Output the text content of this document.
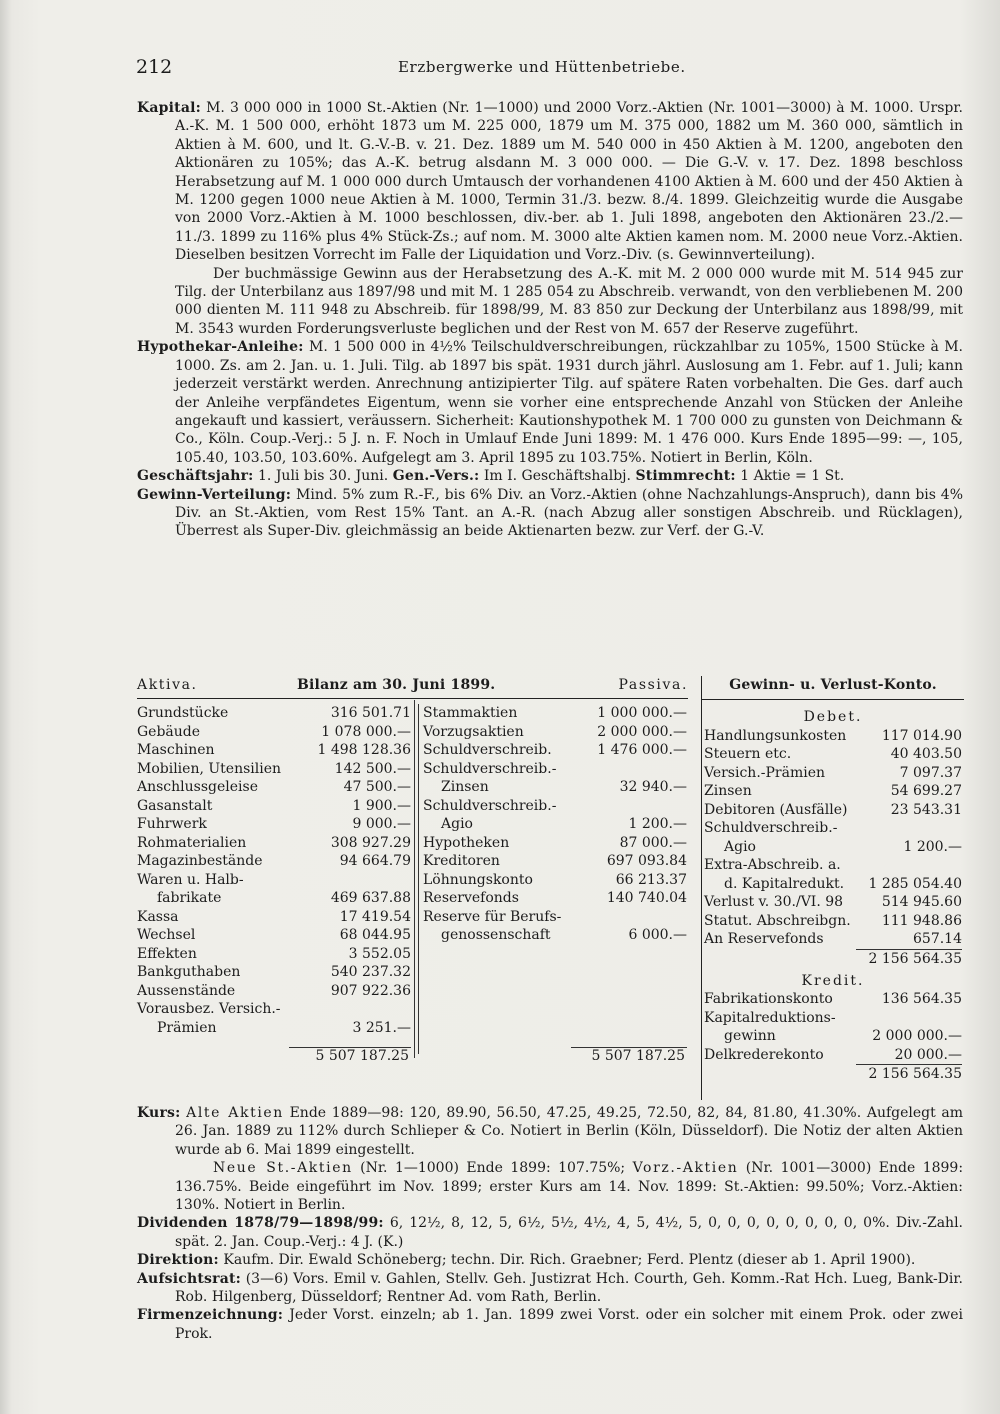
212	Erzbergwerke und Hüttenbetriebe.

Kapital: M. 3 000 000 in 1000 St.-Aktien (Nr. 1—1000) und 2000 Vorz.-Aktien (Nr. 1001—3000) à M. 1000. Urspr. A.-K. M. 1 500 000, erhöht 1873 um M. 225 000, 1879 um M. 375 000, 1882 um M. 360 000, sämtlich in Aktien à M. 600, und lt. G.-V.-B. v. 21. Dez. 1889 um M. 540 000 in 450 Aktien à M. 1200, angeboten den Aktionären zu 105%; das A.-K. betrug alsdann M. 3 000 000. — Die G.-V. v. 17. Dez. 1898 beschloss Herabsetzung auf M. 1 000 000 durch Umtausch der vorhandenen 4100 Aktien à M. 600 und der 450 Aktien à M. 1200 gegen 1000 neue Aktien à M. 1000, Termin 31./3. bezw. 8./4. 1899. Gleichzeitig wurde die Ausgabe von 2000 Vorz.-Aktien à M. 1000 beschlossen, div.-ber. ab 1. Juli 1898, angeboten den Aktionären 23./2.—11./3. 1899 zu 116% plus 4% Stück-Zs.; auf nom. M. 3000 alte Aktien kamen nom. M. 2000 neue Vorz.-Aktien. Dieselben besitzen Vorrecht im Falle der Liquidation und Vorz.-Div. (s. Gewinnverteilung).

Der buchmässige Gewinn aus der Herabsetzung des A.-K. mit M. 2 000 000 wurde mit M. 514 945 zur Tilg. der Unterbilanz aus 1897/98 und mit M. 1 285 054 zu Abschreib. verwandt, von den verbliebenen M. 200 000 dienten M. 111 948 zu Abschreib. für 1898/99, M. 83 850 zur Deckung der Unterbilanz aus 1898/99, mit M. 3543 wurden Forderungsverluste beglichen und der Rest von M. 657 der Reserve zugeführt.

Hypothekar-Anleihe: M. 1 500 000 in 4½% Teilschuldverschreibungen, rückzahlbar zu 105%, 1500 Stücke à M. 1000. Zs. am 2. Jan. u. 1. Juli. Tilg. ab 1897 bis spät. 1931 durch jährl. Auslosung am 1. Febr. auf 1. Juli; kann jederzeit verstärkt werden. Anrechnung antizipierter Tilg. auf spätere Raten vorbehalten. Die Ges. darf auch der Anleihe verpfändetes Eigentum, wenn sie vorher eine entsprechende Anzahl von Stücken der Anleihe angekauft und kassiert, veräussern. Sicherheit: Kautionshypothek M. 1 700 000 zu gunsten von Deichmann & Co., Köln. Coup.-Verj.: 5 J. n. F. Noch in Umlauf Ende Juni 1899: M. 1 476 000. Kurs Ende 1895—99: —, 105, 105.40, 103.50, 103.60%. Aufgelegt am 3. April 1895 zu 103.75%. Notiert in Berlin, Köln.

Geschäftsjahr: 1. Juli bis 30. Juni. Gen.-Vers.: Im I. Geschäftshalbj. Stimmrecht: 1 Aktie = 1 St.

Gewinn-Verteilung: Mind. 5% zum R.-F., bis 6% Div. an Vorz.-Aktien (ohne Nachzahlungs-Anspruch), dann bis 4% Div. an St.-Aktien, vom Rest 15% Tant. an A.-R. (nach Abzug aller sonstigen Abschreib. und Rücklagen), Überrest als Super-Div. gleichmässig an beide Aktienarten bezw. zur Verf. der G.-V.

Aktiva.	Bilanz am 30. Juni 1899.	Passiva.
Grundstücke	316 501.71
Gebäude	1 078 000.—
Maschinen	1 498 128.36
Mobilien, Utensilien	142 500.—
Anschlussgeleise	47 500.—
Gasanstalt	1 900.—
Fuhrwerk	9 000.—
Rohmaterialien	308 927.29
Magazinbestände	94 664.79
Waren u. Halb-
fabrikate	469 637.88
Kassa	17 419.54
Wechsel	68 044.95
Effekten	3 552.05
Bankguthaben	540 237.32
Aussenstände	907 922.36
Vorausbez. Versich.-
Prämien	3 251.—
Stammaktien	1 000 000.—
Vorzugsaktien	2 000 000.—
Schuldverschreib.	1 476 000.—
Schuldverschreib.-
Zinsen	32 940.—
Schuldverschreib.-
Agio	1 200.—
Hypotheken	87 000.—
Kreditoren	697 093.84
Löhnungskonto	66 213.37
Reservefonds	140 740.04
Reserve für Berufs-
genossenschaft	6 000.—
5 507 187.25	5 507 187.25
Gewinn- u. Verlust-Konto.
Debet.
Handlungsunkosten	117 014.90
Steuern etc.	40 403.50
Versich.-Prämien	7 097.37
Zinsen	54 699.27
Debitoren (Ausfälle)	23 543.31
Schuldverschreib.-
Agio	1 200.—
Extra-Abschreib. a.
d. Kapitalredukt. 1 285 054.40
Verlust v. 30./VI. 98	514 945.60
Statut. Abschreibgn. 111 948.86
An Reservefonds	657.14
2 156 564.35
Kredit.
Fabrikationskonto	136 564.35
Kapitalreduktions-
gewinn	2 000 000.—
Delkrederekonto	20 000.—
2 156 564.35

Kurs: Alte Aktien Ende 1889—98: 120, 89.90, 56.50, 47.25, 49.25, 72.50, 82, 84, 81.80, 41.30%. Aufgelegt am 26. Jan. 1889 zu 112% durch Schlieper & Co. Notiert in Berlin (Köln, Düsseldorf). Die Notiz der alten Aktien wurde ab 6. Mai 1899 eingestellt.

Neue St.-Aktien (Nr. 1—1000) Ende 1899: 107.75%; Vorz.-Aktien (Nr. 1001—3000) Ende 1899: 136.75%. Beide eingeführt im Nov. 1899; erster Kurs am 14. Nov. 1899: St.-Aktien: 99.50%; Vorz.-Aktien: 130%. Notiert in Berlin.

Dividenden 1878/79—1898/99: 6, 12½, 8, 12, 5, 6½, 5½, 4½, 4, 5, 4½, 5, 0, 0, 0, 0, 0, 0, 0, 0, 0%. Div.-Zahl. spät. 2. Jan. Coup.-Verj.: 4 J. (K.)

Direktion: Kaufm. Dir. Ewald Schöneberg; techn. Dir. Rich. Graebner; Ferd. Plentz (dieser ab 1. April 1900).

Aufsichtsrat: (3—6) Vors. Emil v. Gahlen, Stellv. Geh. Justizrat Hch. Courth, Geh. Komm.-Rat Hch. Lueg, Bank-Dir. Rob. Hilgenberg, Düsseldorf; Rentner Ad. vom Rath, Berlin.

Firmenzeichnung: Jeder Vorst. einzeln; ab 1. Jan. 1899 zwei Vorst. oder ein solcher mit einem Prok. oder zwei Prok.
